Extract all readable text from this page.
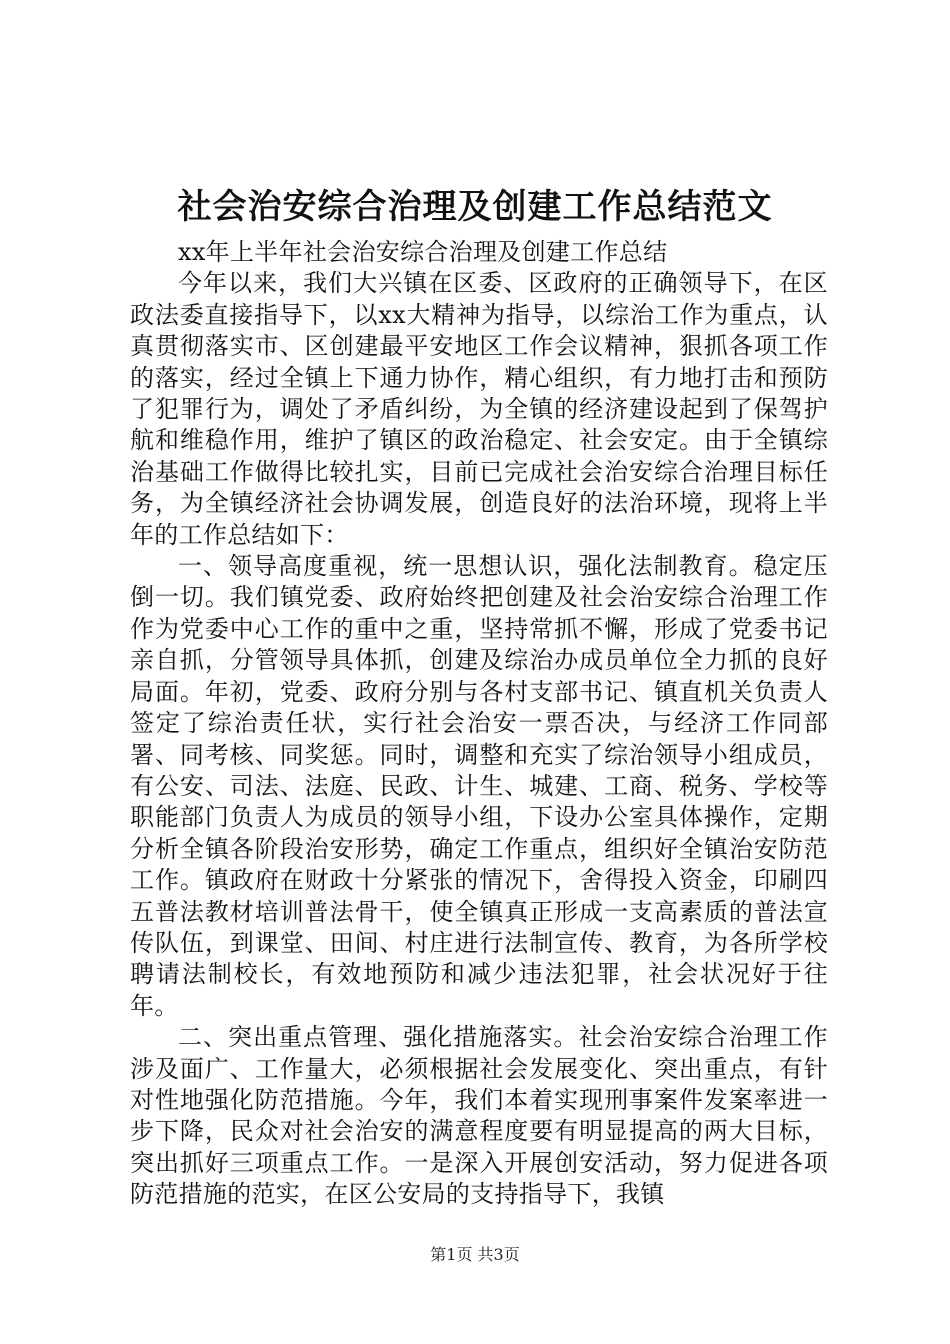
社会治安综合治理及创建工作总结范文

xx年上半年社会治安综合治理及创建工作总结

今年以来，我们大兴镇在区委、区政府的正确领导下，在区政法委直接指导下，以xx大精神为指导，以综治工作为重点，认真贯彻落实市、区创建最平安地区工作会议精神，狠抓各项工作的落实，经过全镇上下通力协作，精心组织，有力地打击和预防了犯罪行为，调处了矛盾纠纷，为全镇的经济建设起到了保驾护航和维稳作用，维护了镇区的政治稳定、社会安定。由于全镇综治基础工作做得比较扎实，目前已完成社会治安综合治理目标任务，为全镇经济社会协调发展，创造良好的法治环境，现将上半年的工作总结如下：

一、领导高度重视，统一思想认识，强化法制教育。稳定压倒一切。我们镇党委、政府始终把创建及社会治安综合治理工作作为党委中心工作的重中之重，坚持常抓不懈，形成了党委书记亲自抓，分管领导具体抓，创建及综治办成员单位全力抓的良好局面。年初，党委、政府分别与各村支部书记、镇直机关负责人签定了综治责任状，实行社会治安一票否决，与经济工作同部署、同考核、同奖惩。同时，调整和充实了综治领导小组成员，有公安、司法、法庭、民政、计生、城建、工商、税务、学校等职能部门负责人为成员的领导小组，下设办公室具体操作，定期分析全镇各阶段治安形势，确定工作重点，组织好全镇治安防范工作。镇政府在财政十分紧张的情况下，舍得投入资金，印刷四五普法教材培训普法骨干，使全镇真正形成一支高素质的普法宣传队伍，到课堂、田间、村庄进行法制宣传、教育，为各所学校聘请法制校长，有效地预防和减少违法犯罪，社会状况好于往年。

二、突出重点管理、强化措施落实。社会治安综合治理工作涉及面广、工作量大，必须根据社会发展变化、突出重点，有针对性地强化防范措施。今年，我们本着实现刑事案件发案率进一步下降，民众对社会治安的满意程度要有明显提高的两大目标，突出抓好三项重点工作。一是深入开展创安活动，努力促进各项防范措施的范实，在区公安局的支持指导下，我镇

第1页 共3页
